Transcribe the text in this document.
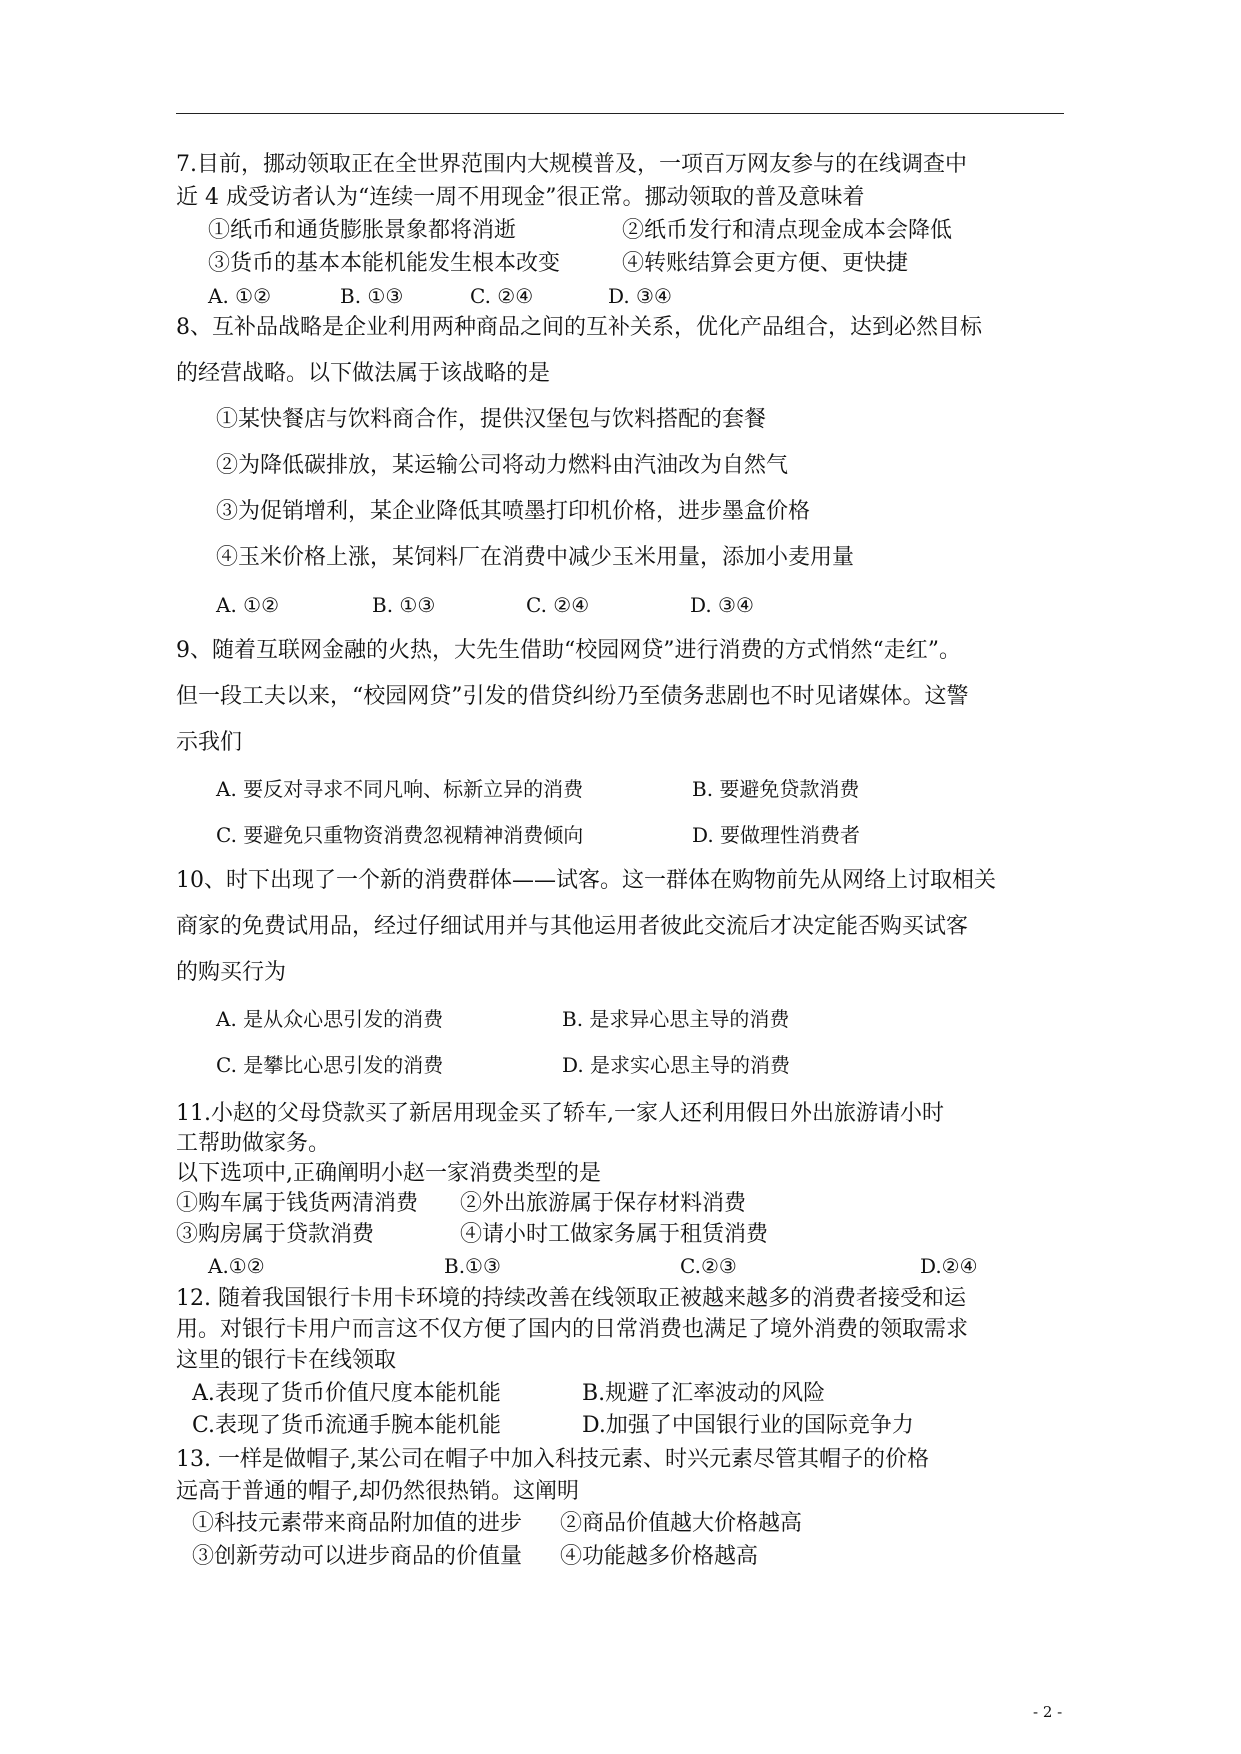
7.目前，挪动领取正在全世界范围内大规模普及，一项百万网友参与的在线调查中
近 4 成受访者认为“连续一周不用现金”很正常。挪动领取的普及意味着
①纸币和通货膨胀景象都将消逝	②纸币发行和清点现金成本会降低
③货币的基本本能机能发生根本改变	④转账结算会更方便、更快捷
A. ①②	B. ①③	C. ②④	D. ③④
8、互补品战略是企业利用两种商品之间的互补关系，优化产品组合，达到必然目标
的经营战略。以下做法属于该战略的是
①某快餐店与饮料商合作，提供汉堡包与饮料搭配的套餐
②为降低碳排放，某运输公司将动力燃料由汽油改为自然气
③为促销增利，某企业降低其喷墨打印机价格，进步墨盒价格
④玉米价格上涨，某饲料厂在消费中减少玉米用量，添加小麦用量
A. ①②	B. ①③	C. ②④	D. ③④
9、随着互联网金融的火热，大先生借助“校园网贷”进行消费的方式悄然“走红”。
但一段工夫以来，“校园网贷”引发的借贷纠纷乃至债务悲剧也不时见诸媒体。这警
示我们
A. 要反对寻求不同凡响、标新立异的消费	B. 要避免贷款消费
C. 要避免只重物资消费忽视精神消费倾向	D. 要做理性消费者
10、时下出现了一个新的消费群体——试客。这一群体在购物前先从网络上讨取相关
商家的免费试用品，经过仔细试用并与其他运用者彼此交流后才决定能否购买试客
的购买行为
A. 是从众心思引发的消费	B. 是求异心思主导的消费
C. 是攀比心思引发的消费	D. 是求实心思主导的消费
11.小赵的父母贷款买了新居用现金买了轿车,一家人还利用假日外出旅游请小时
工帮助做家务。
以下选项中,正确阐明小赵一家消费类型的是
①购车属于钱货两清消费 ②外出旅游属于保存材料消费
③购房属于贷款消费	④请小时工做家务属于租赁消费
A.①②	B.①③	C.②③	D.②④
12. 随着我国银行卡用卡环境的持续改善在线领取正被越来越多的消费者接受和运
用。对银行卡用户而言这不仅方便了国内的日常消费也满足了境外消费的领取需求
这里的银行卡在线领取
A.表现了货币价值尺度本能机能	B.规避了汇率波动的风险
C.表现了货币流通手腕本能机能	D.加强了中国银行业的国际竞争力
13. 一样是做帽子,某公司在帽子中加入科技元素、时兴元素尽管其帽子的价格
远高于普通的帽子,却仍然很热销。这阐明
①科技元素带来商品附加值的进步 ②商品价值越大价格越高
③创新劳动可以进步商品的价值量 ④功能越多价格越高
- 2 -
